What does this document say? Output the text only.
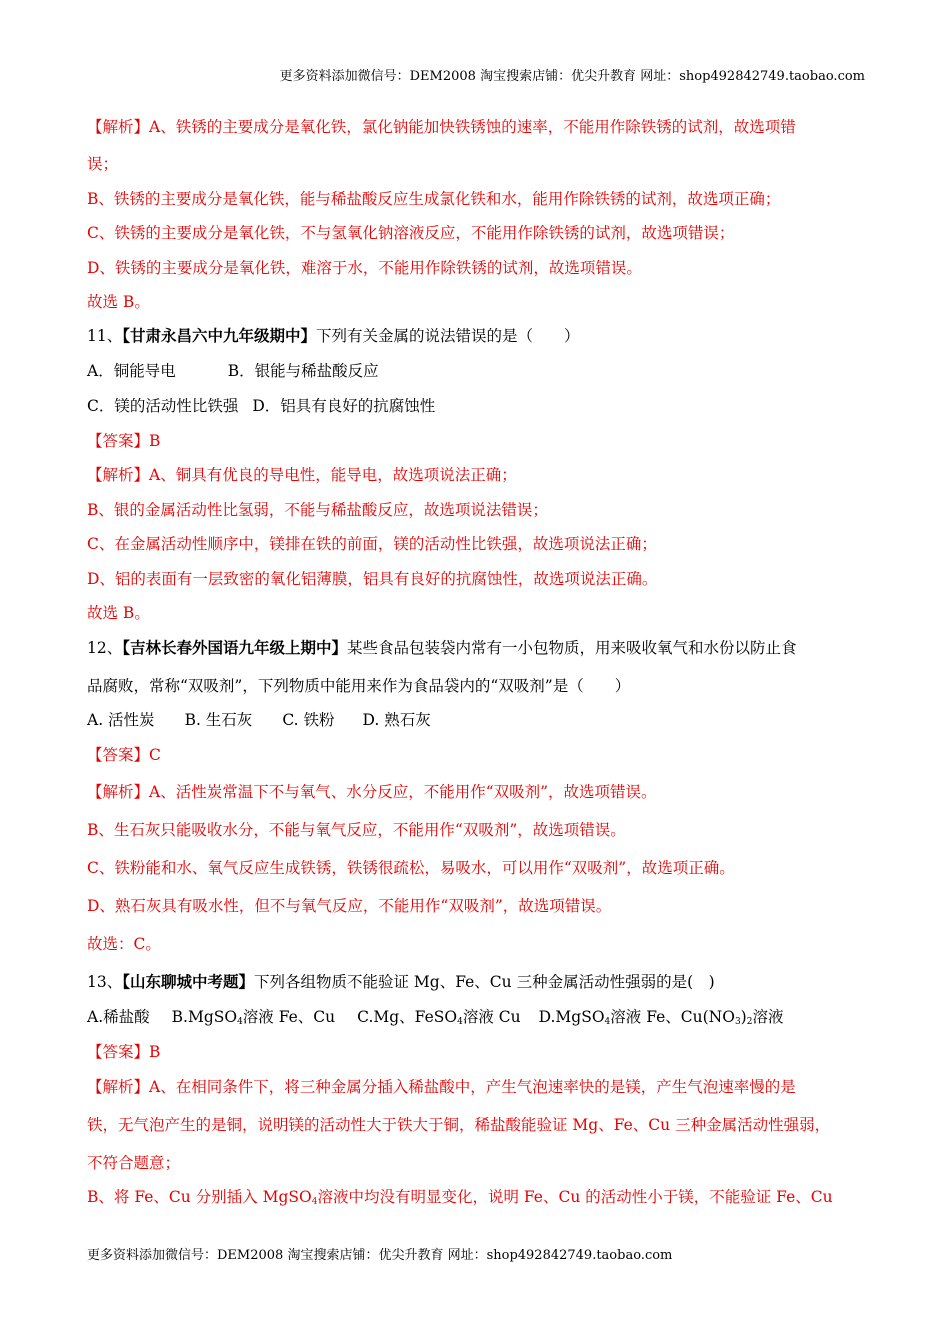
更多资料添加微信号：DEM2008 淘宝搜索店铺：优尖升教育 网址：shop492842749.taobao.com
【解析】A、铁锈的主要成分是氧化铁，氯化钠能加快铁锈蚀的速率，不能用作除铁锈的试剂，故选项错
误；
B、铁锈的主要成分是氧化铁，能与稀盐酸反应生成氯化铁和水，能用作除铁锈的试剂，故选项正确；
C、铁锈的主要成分是氧化铁，不与氢氧化钠溶液反应，不能用作除铁锈的试剂，故选项错误；
D、铁锈的主要成分是氧化铁，难溶于水，不能用作除铁锈的试剂，故选项错误。
故选 B。
11、【甘肃永昌六中九年级期中】下列有关金属的说法错误的是（　　）
A．铜能导电	B．银能与稀盐酸反应
C．镁的活动性比铁强 D．铝具有良好的抗腐蚀性
【答案】B
【解析】A、铜具有优良的导电性，能导电，故选项说法正确；
B、银的金属活动性比氢弱，不能与稀盐酸反应，故选项说法错误；
C、在金属活动性顺序中，镁排在铁的前面，镁的活动性比铁强，故选项说法正确；
D、铝的表面有一层致密的氧化铝薄膜，铝具有良好的抗腐蚀性，故选项说法正确。
故选 B。
12、【吉林长春外国语九年级上期中】某些食品包装袋内常有一小包物质，用来吸收氧气和水份以防止食
品腐败，常称“双吸剂”，下列物质中能用来作为食品袋内的“双吸剂”是（　　）
A. 活性炭 B. 生石灰 C. 铁粉 D. 熟石灰
【答案】C
【解析】A、活性炭常温下不与氧气、水分反应，不能用作“双吸剂”，故选项错误。
B、生石灰只能吸收水分，不能与氧气反应，不能用作“双吸剂”，故选项错误。
C、铁粉能和水、氧气反应生成铁锈，铁锈很疏松，易吸水，可以用作“双吸剂”，故选项正确。
D、熟石灰具有吸水性，但不与氧气反应，不能用作“双吸剂”，故选项错误。
故选：C。
13、【山东聊城中考题】下列各组物质不能验证 Mg、Fe、Cu 三种金属活动性强弱的是(　)
A.稀盐酸 B.MgSO$_4$溶液 Fe、Cu C.Mg、FeSO$_4$溶液 Cu D.MgSO$_4$溶液 Fe、$Cu(NO_3)_2$溶液
【答案】B
【解析】A、在相同条件下，将三种金属分插入稀盐酸中，产生气泡速率快的是镁，产生气泡速率慢的是
铁，无气泡产生的是铜，说明镁的活动性大于铁大于铜，稀盐酸能验证 Mg、Fe、Cu 三种金属活动性强弱，
不符合题意；
B、将 Fe、Cu 分别插入 MgSO$_4$溶液中均没有明显变化，说明 Fe、Cu 的活动性小于镁，不能验证 Fe、Cu
更多资料添加微信号：DEM2008 淘宝搜索店铺：优尖升教育 网址：shop492842749.taobao.com
